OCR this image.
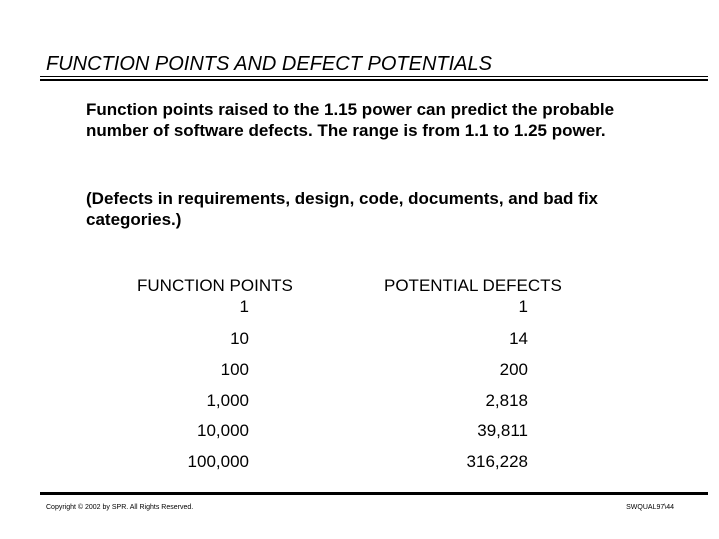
FUNCTION POINTS AND DEFECT POTENTIALS
Function points raised to the 1.15 power can predict the probable number of software defects. The range is from 1.1 to 1.25 power.
(Defects in requirements, design, code, documents, and bad fix categories.)
FUNCTION POINTS	POTENTIAL DEFECTS
1	1
10	14
100	200
1,000	2,818
10,000	39,811
100,000	316,228
Copyright © 2002 by SPR. All Rights Reserved.	SWQUAL97\44
